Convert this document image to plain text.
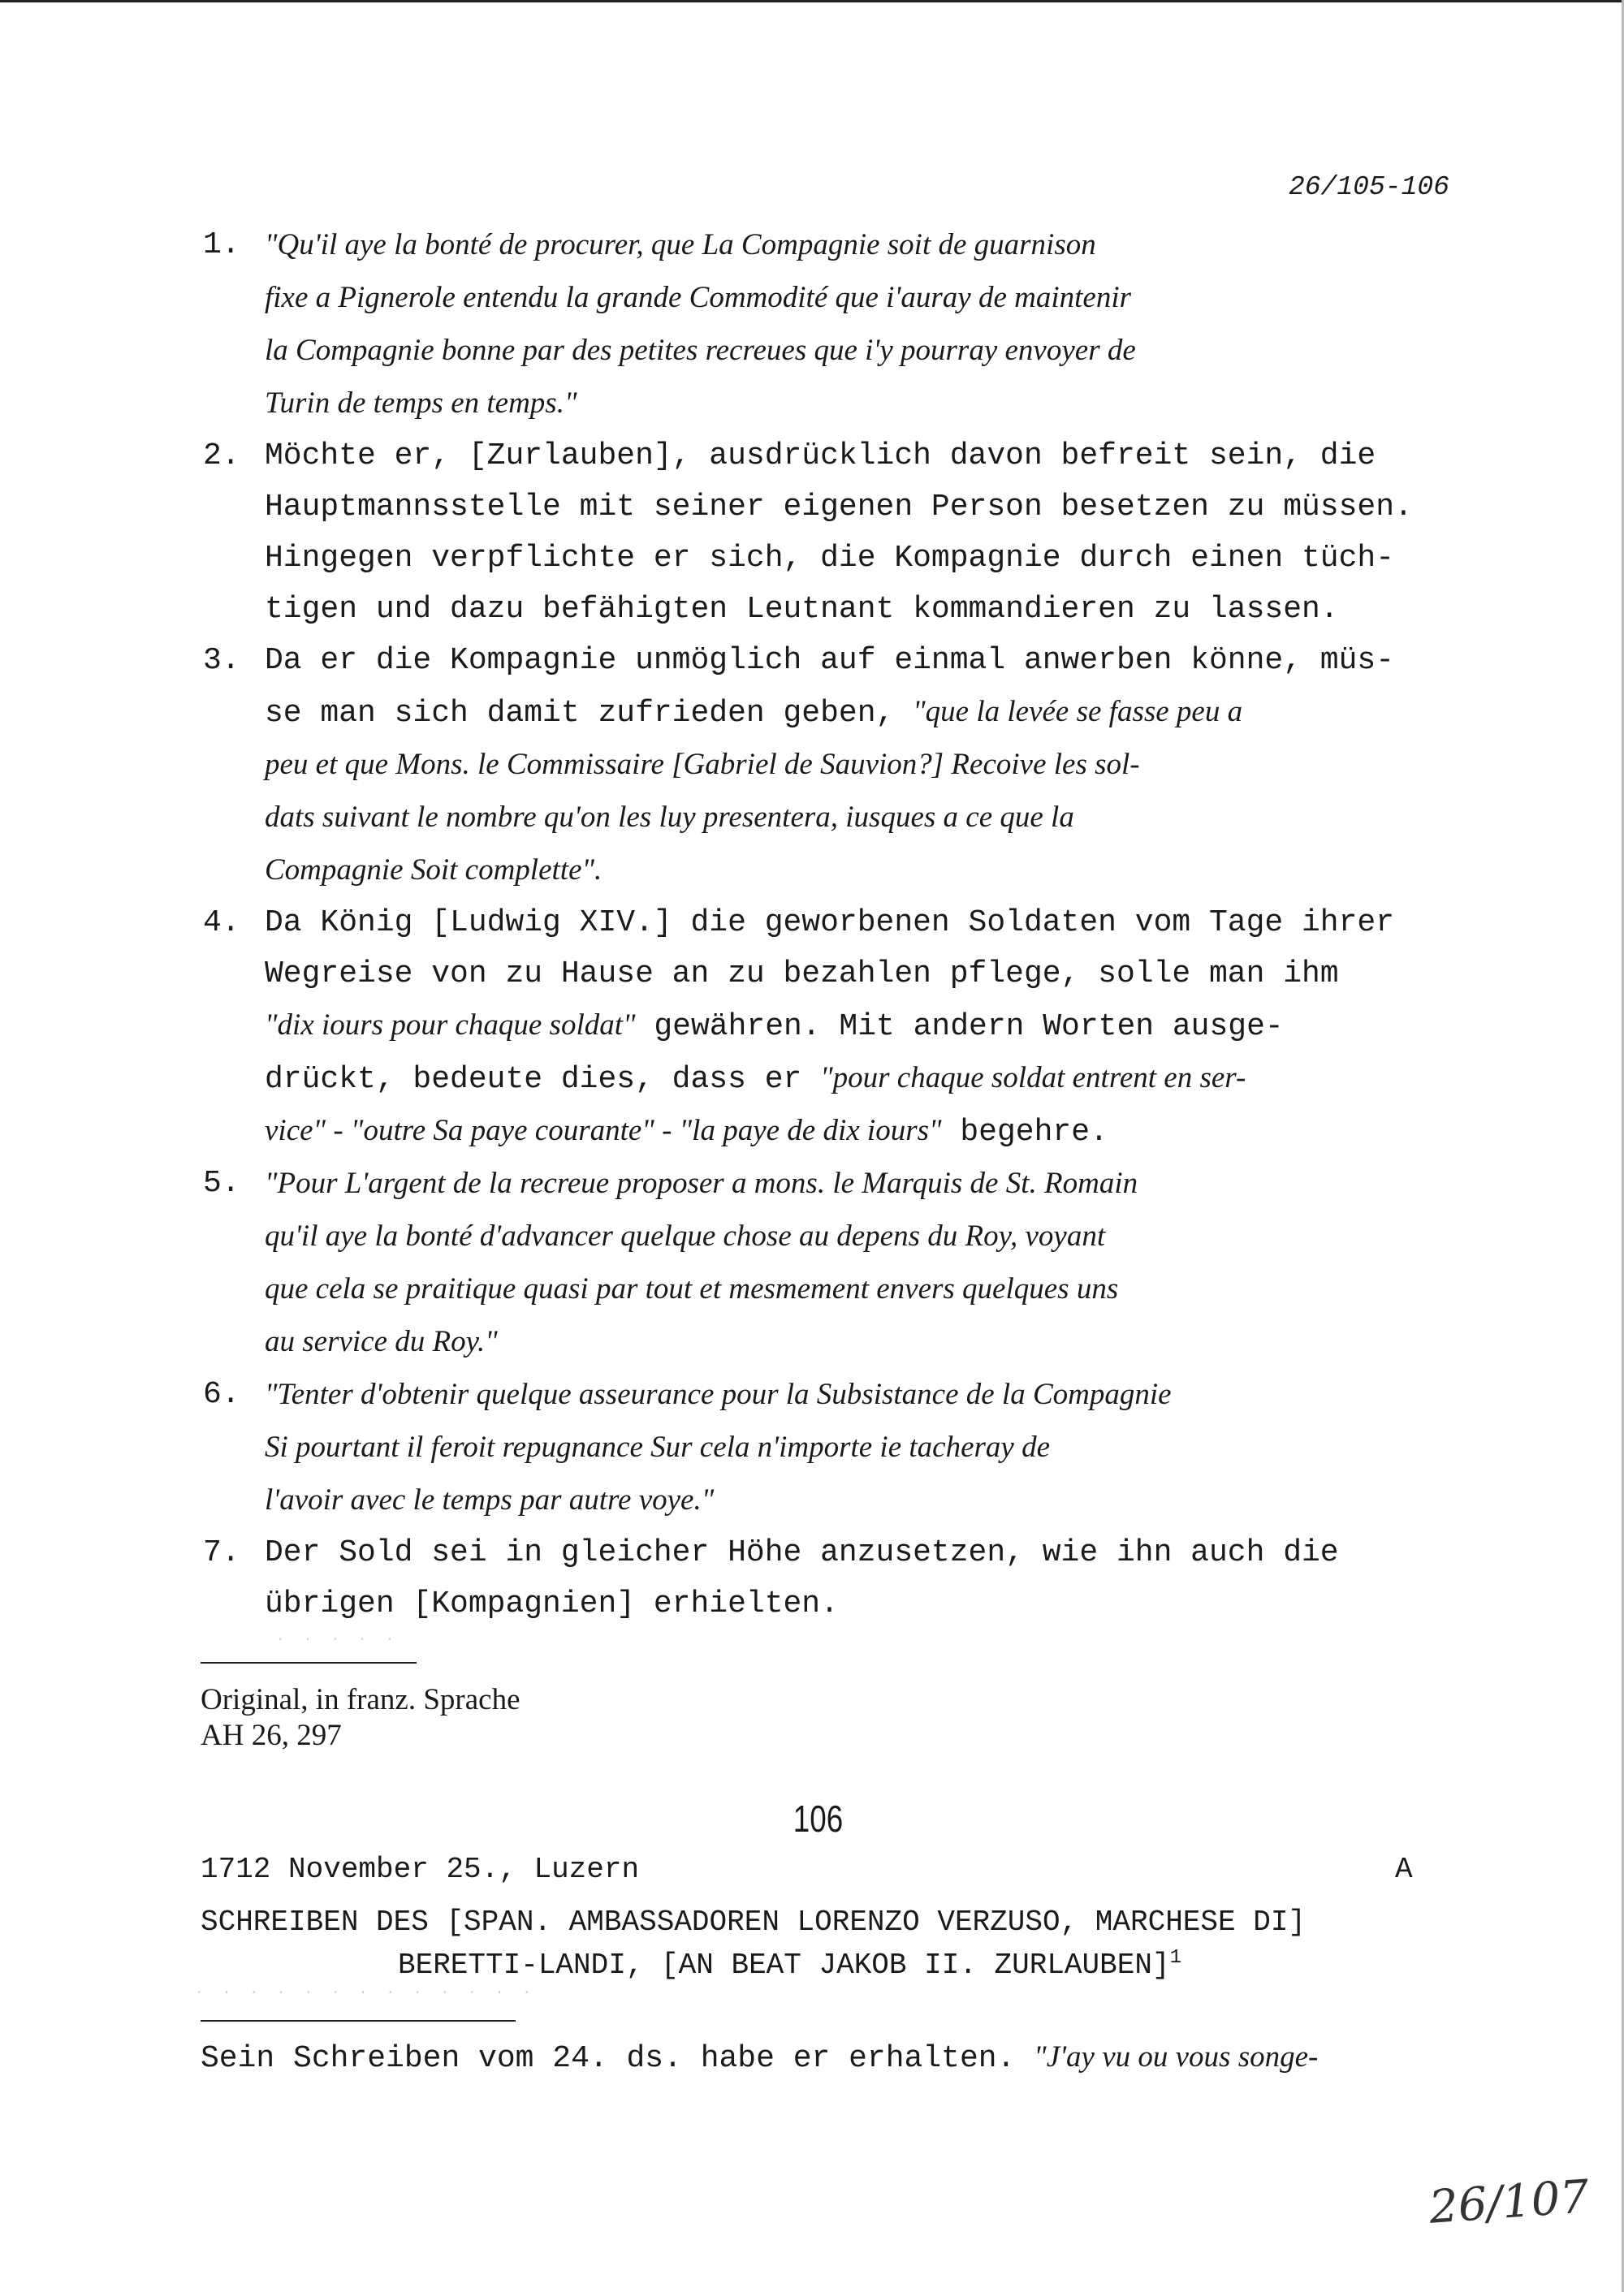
26/105-106
1. "Qu'il aye la bonté de procurer, que La Compagnie soit de guarnison
fixe a Pignerole entendu la grande Commodité que i'auray de maintenir
la Compagnie bonne par des petites recreues que i'y pourray envoyer de
Turin de temps en temps."
2. Möchte er, [Zurlauben], ausdrücklich davon befreit sein, die
Hauptmannsstelle mit seiner eigenen Person besetzen zu müssen.
Hingegen verpflichte er sich, die Kompagnie durch einen tüch-
tigen und dazu befähigten Leutnant kommandieren zu lassen.
3. Da er die Kompagnie unmöglich auf einmal anwerben könne, müs-
se man sich damit zufrieden geben, "que la levée se fasse peu a
peu et que Mons. le Commissaire [Gabriel de Sauvion?] Recoive les sol-
dats suivant le nombre qu'on les luy presentera, iusques a ce que la
Compagnie Soit complette".
4. Da König [Ludwig XIV.] die geworbenen Soldaten vom Tage ihrer
Wegreise von zu Hause an zu bezahlen pflege, solle man ihm
"dix iours pour chaque soldat" gewähren. Mit andern Worten ausge-
drückt, bedeute dies, dass er "pour chaque soldat entrent en ser-
vice" - "outre Sa paye courante" - "la paye de dix iours" begehre.
5. "Pour L'argent de la recreue proposer a mons. le Marquis de St. Romain
qu'il aye la bonté d'advancer quelque chose au depens du Roy, voyant
que cela se praitique quasi par tout et mesmement envers quelques uns
au service du Roy."
6. "Tenter d'obtenir quelque asseurance pour la Subsistance de la Compagnie
Si pourtant il feroit repugnance Sur cela n'importe ie tacheray de
l'avoir avec le temps par autre voye."
7. Der Sold sei in gleicher Höhe anzusetzen, wie ihn auch die
übrigen [Kompagnien] erhielten.
· · · · ·
Original, in franz. Sprache
AH 26, 297
106
1712 November 25., Luzern	A
SCHREIBEN DES [SPAN. AMBASSADOREN LORENZO VERZUSO, MARCHESE DI]
BERETTI-LANDI, [AN BEAT JAKOB II. ZURLAUBEN]$^1$
· · · · · · · · · · · · ·
Sein Schreiben vom 24. ds. habe er erhalten. "J'ay vu ou vous songe-
26/107
